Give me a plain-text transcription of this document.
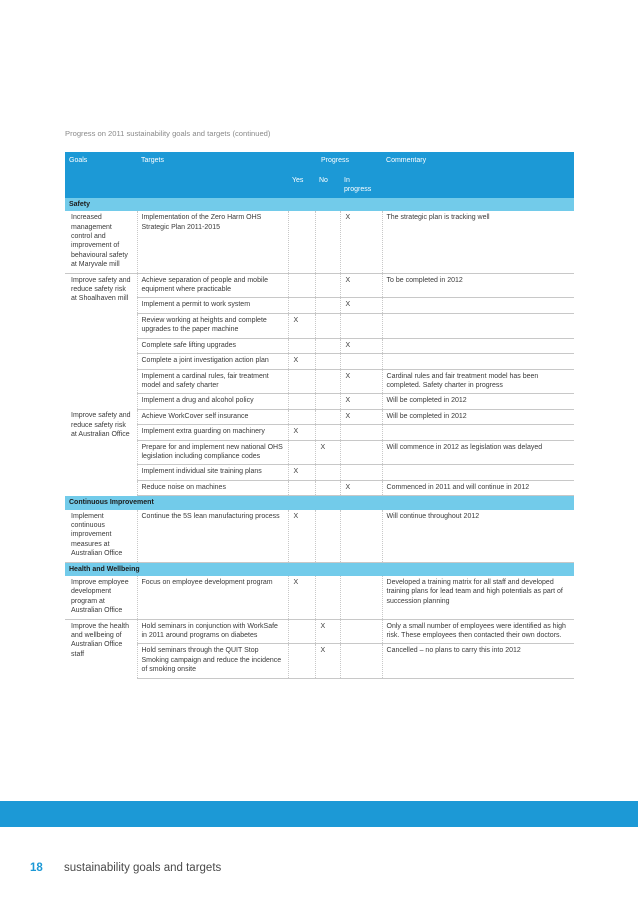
Progress on 2011 sustainability goals and targets (continued)
Goals	Targets	Progress			Commentary
		Yes	No	In progress	
Safety					
Increased management control and improvement of behavioural safety at Maryvale mill	Implementation of the Zero Harm OHS Strategic Plan 2011-2015			X	The strategic plan is tracking well
Improve safety and reduce safety risk at Shoalhaven mill	Achieve separation of people and mobile equipment where practicable			X	To be completed in 2012
	Implement a permit to work system			X	
	Review working at heights and complete upgrades to the paper machine	X			
	Complete safe lifting upgrades			X	
	Complete a joint investigation action plan	X			
	Implement a cardinal rules, fair treatment model and safety charter			X	Cardinal rules and fair treatment model has been completed. Safety charter in progress
	Implement a drug and alcohol policy			X	Will be completed in 2012
Improve safety and reduce safety risk at Australian Office	Achieve WorkCover self insurance			X	Will be completed in 2012
	Implement extra guarding on machinery	X			
	Prepare for and implement new national OHS legislation including compliance codes		X		Will commence in 2012 as legislation was delayed
	Implement individual site training plans	X			
	Reduce noise on machines			X	Commenced in 2011 and will continue in 2012
Continuous Improvement					
Implement continuous improvement measures at Australian Office	Continue the 5S lean manufacturing process	X			Will continue throughout 2012
Health and Wellbeing					
Improve employee development program at Australian Office	Focus on employee development program	X			Developed a training matrix for all staff and developed training plans for lead team and high potentials as part of succession planning
Improve the health and wellbeing of Australian Office staff	Hold seminars in conjunction with WorkSafe in 2011 around programs on diabetes		X		Only a small number of employees were identified as high risk. These employees then contacted their own doctors.
	Hold seminars through the QUIT Stop Smoking campaign and reduce the incidence of smoking onsite		X		Cancelled – no plans to carry this into 2012
18 sustainability goals and targets
